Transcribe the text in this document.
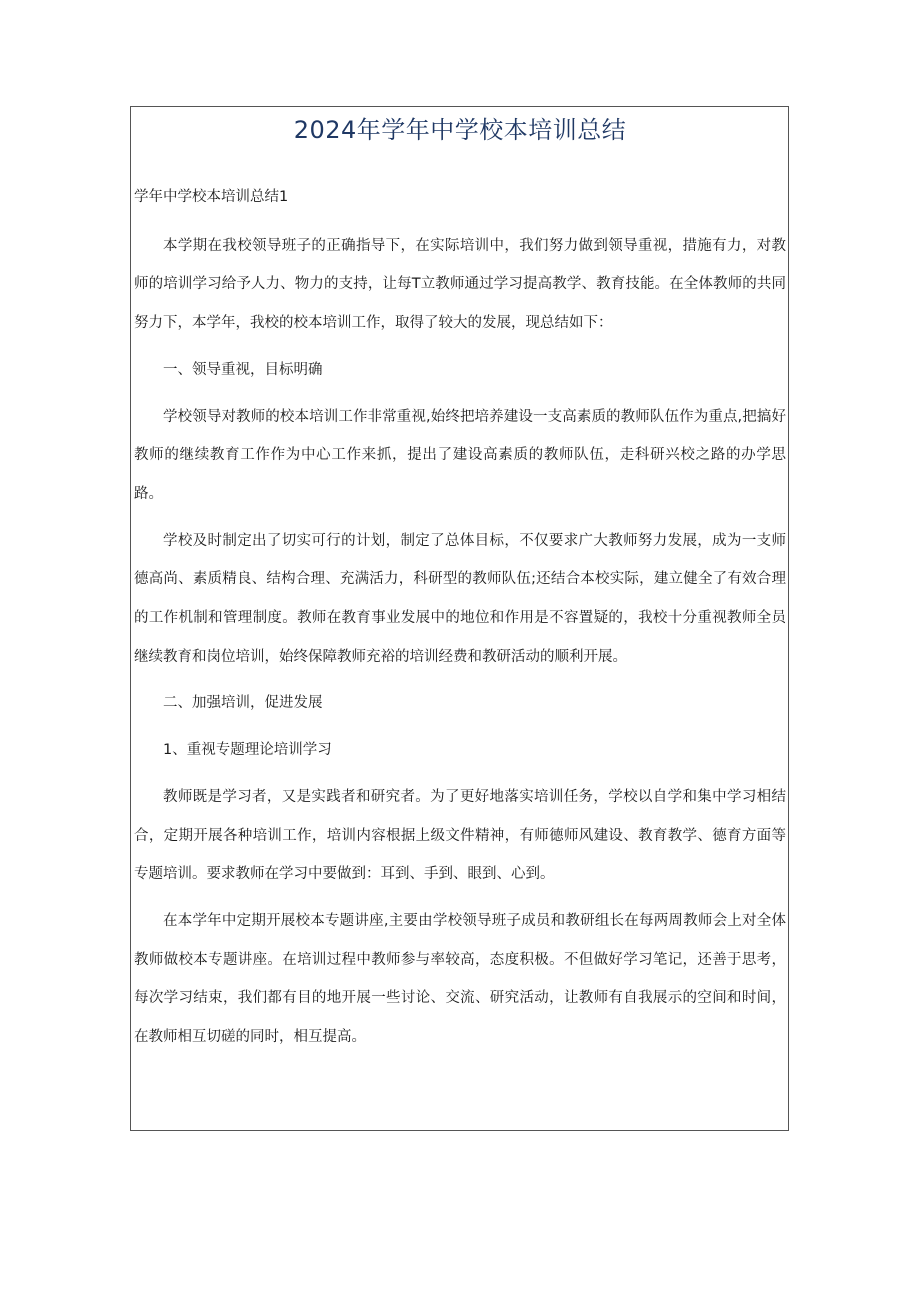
2024年学年中学校本培训总结

学年中学校本培训总结1

本学期在我校领导班子的正确指导下，在实际培训中，我们努力做到领导重视，措施有力，对教师的培训学习给予人力、物力的支持，让每T立教师通过学习提高教学、教育技能。在全体教师的共同努力下，本学年，我校的校本培训工作，取得了较大的发展，现总结如下：

一、领导重视，目标明确

学校领导对教师的校本培训工作非常重视,始终把培养建设一支高素质的教师队伍作为重点,把搞好教师的继续教育工作作为中心工作来抓，提出了建设高素质的教师队伍，走科研兴校之路的办学思路。

学校及时制定出了切实可行的计划，制定了总体目标，不仅要求广大教师努力发展，成为一支师德高尚、素质精良、结构合理、充满活力，科研型的教师队伍;还结合本校实际，建立健全了有效合理的工作机制和管理制度。教师在教育事业发展中的地位和作用是不容置疑的，我校十分重视教师全员继续教育和岗位培训，始终保障教师充裕的培训经费和教研活动的顺利开展。

二、加强培训，促进发展

1、重视专题理论培训学习

教师既是学习者，又是实践者和研究者。为了更好地落实培训任务，学校以自学和集中学习相结合，定期开展各种培训工作，培训内容根据上级文件精神，有师德师风建设、教育教学、德育方面等专题培训。要求教师在学习中要做到：耳到、手到、眼到、心到。

在本学年中定期开展校本专题讲座,主要由学校领导班子成员和教研组长在每两周教师会上对全体教师做校本专题讲座。在培训过程中教师参与率较高，态度积极。不但做好学习笔记，还善于思考，每次学习结束，我们都有目的地开展一些讨论、交流、研究活动，让教师有自我展示的空间和时间，在教师相互切磋的同时，相互提高。
